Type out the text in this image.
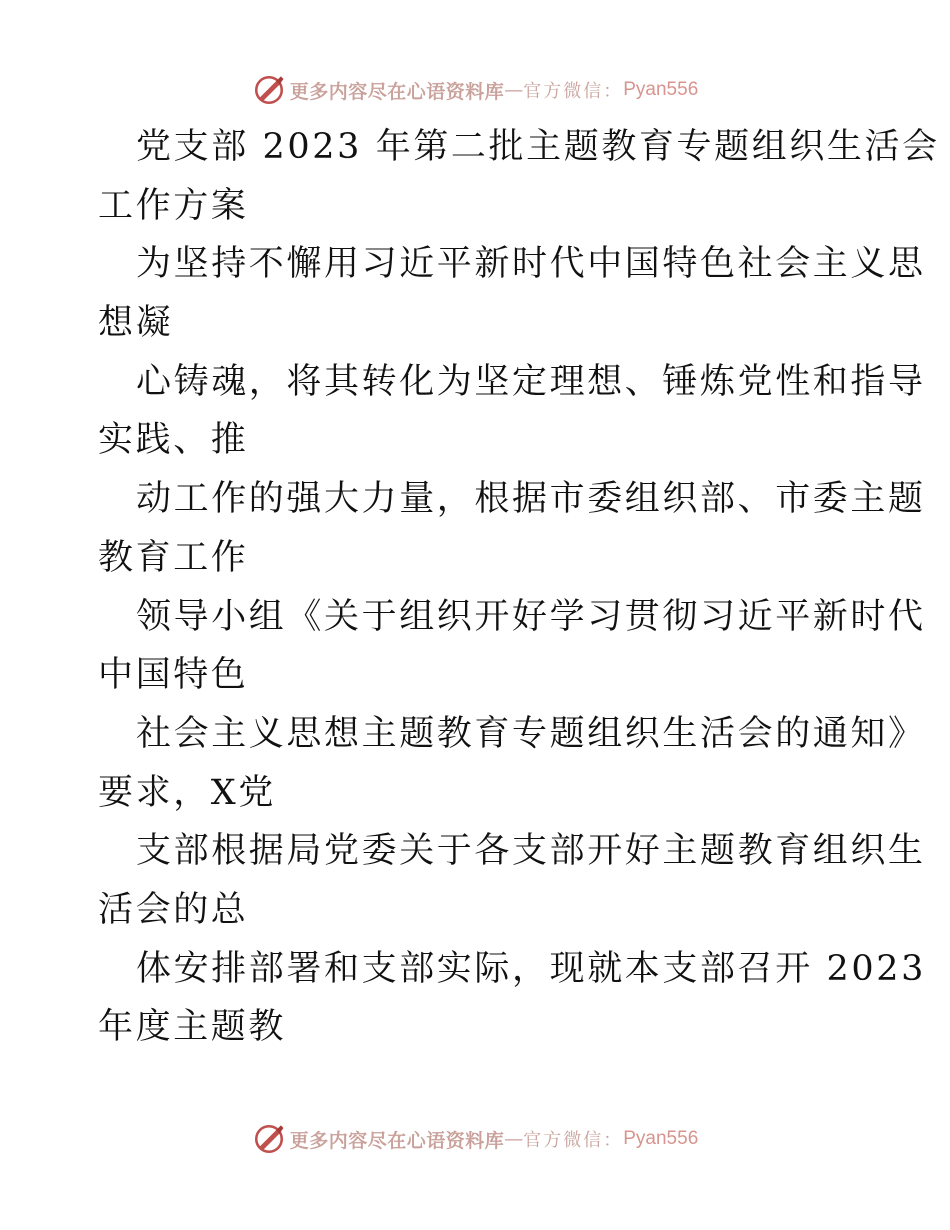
更多内容尽在心语资料库 — 官方微信： Pyan556
党支部 2023 年第二批主题教育专题组织生活会
工作方案
为坚持不懈用习近平新时代中国特色社会主义思
想凝
心铸魂，将其转化为坚定理想、锤炼党性和指导
实践、推
动工作的强大力量，根据市委组织部、市委主题
教育工作
领导小组《关于组织开好学习贯彻习近平新时代
中国特色
社会主义思想主题教育专题组织生活会的通知》
要求，X党
支部根据局党委关于各支部开好主题教育组织生
活会的总
体安排部署和支部实际，现就本支部召开 2023
年度主题教
更多内容尽在心语资料库 — 官方微信： Pyan556
